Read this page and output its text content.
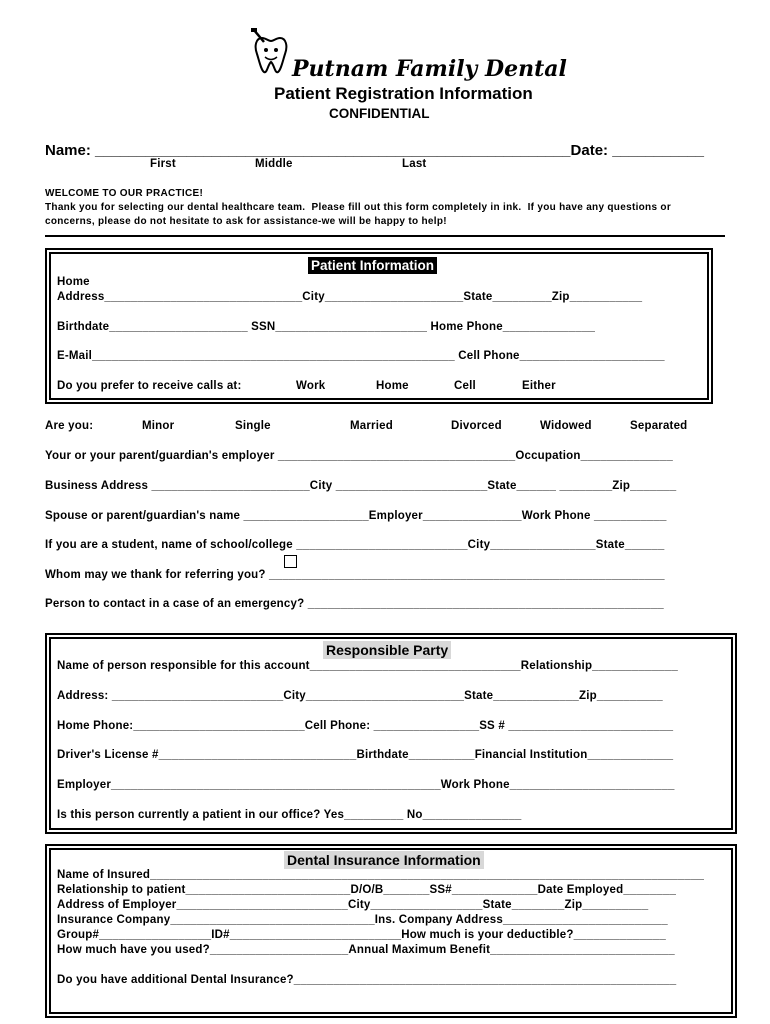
Putnam Family Dental

Patient Registration Information
CONFIDENTIAL
Name: _________________________________________________________Date: ___________
First	Middle	Last
WELCOME TO OUR PRACTICE!
Thank you for selecting our dental healthcare team.  Please fill out this form completely in ink.  If you have any questions or
concerns, please do not hesitate to ask for assistance-we will be happy to help!
Patient Information
Home
Address______________________________City_____________________State_________Zip___________
Birthdate_____________________ SSN_______________________ Home Phone______________
E-Mail_______________________________________________________ Cell Phone______________________
Do you prefer to receive calls at:	Work	Home	Cell	Either
Are you:	Minor	Single	Married	Divorced	Widowed	Separated
Your or your parent/guardian's employer ____________________________________Occupation______________
Business Address ________________________City _______________________State______ ________Zip_______
Spouse or parent/guardian's name ___________________Employer_______________Work Phone ___________
If you are a student, name of school/college __________________________City________________State______
Whom may we thank for referring you? ____________________________________________________________
Person to contact in a case of an emergency? ______________________________________________________
Responsible Party
Name of person responsible for this account________________________________Relationship_____________
Address: __________________________City________________________State_____________Zip__________
Home Phone:__________________________Cell Phone: ________________SS # _________________________
Driver's License #______________________________Birthdate__________Financial Institution_____________
Employer__________________________________________________Work Phone_________________________
Is this person currently a patient in our office? Yes_________ No_______________
Dental Insurance Information
Name of Insured____________________________________________________________________________________
Relationship to patient_________________________D/O/B_______SS#_____________Date Employed________
Address of Employer__________________________City_________________State________Zip__________
Insurance Company_______________________________Ins. Company Address_________________________
Group#_________________ID#__________________________How much is your deductible?______________
How much have you used?_____________________Annual Maximum Benefit____________________________
Do you have additional Dental Insurance?__________________________________________________________
